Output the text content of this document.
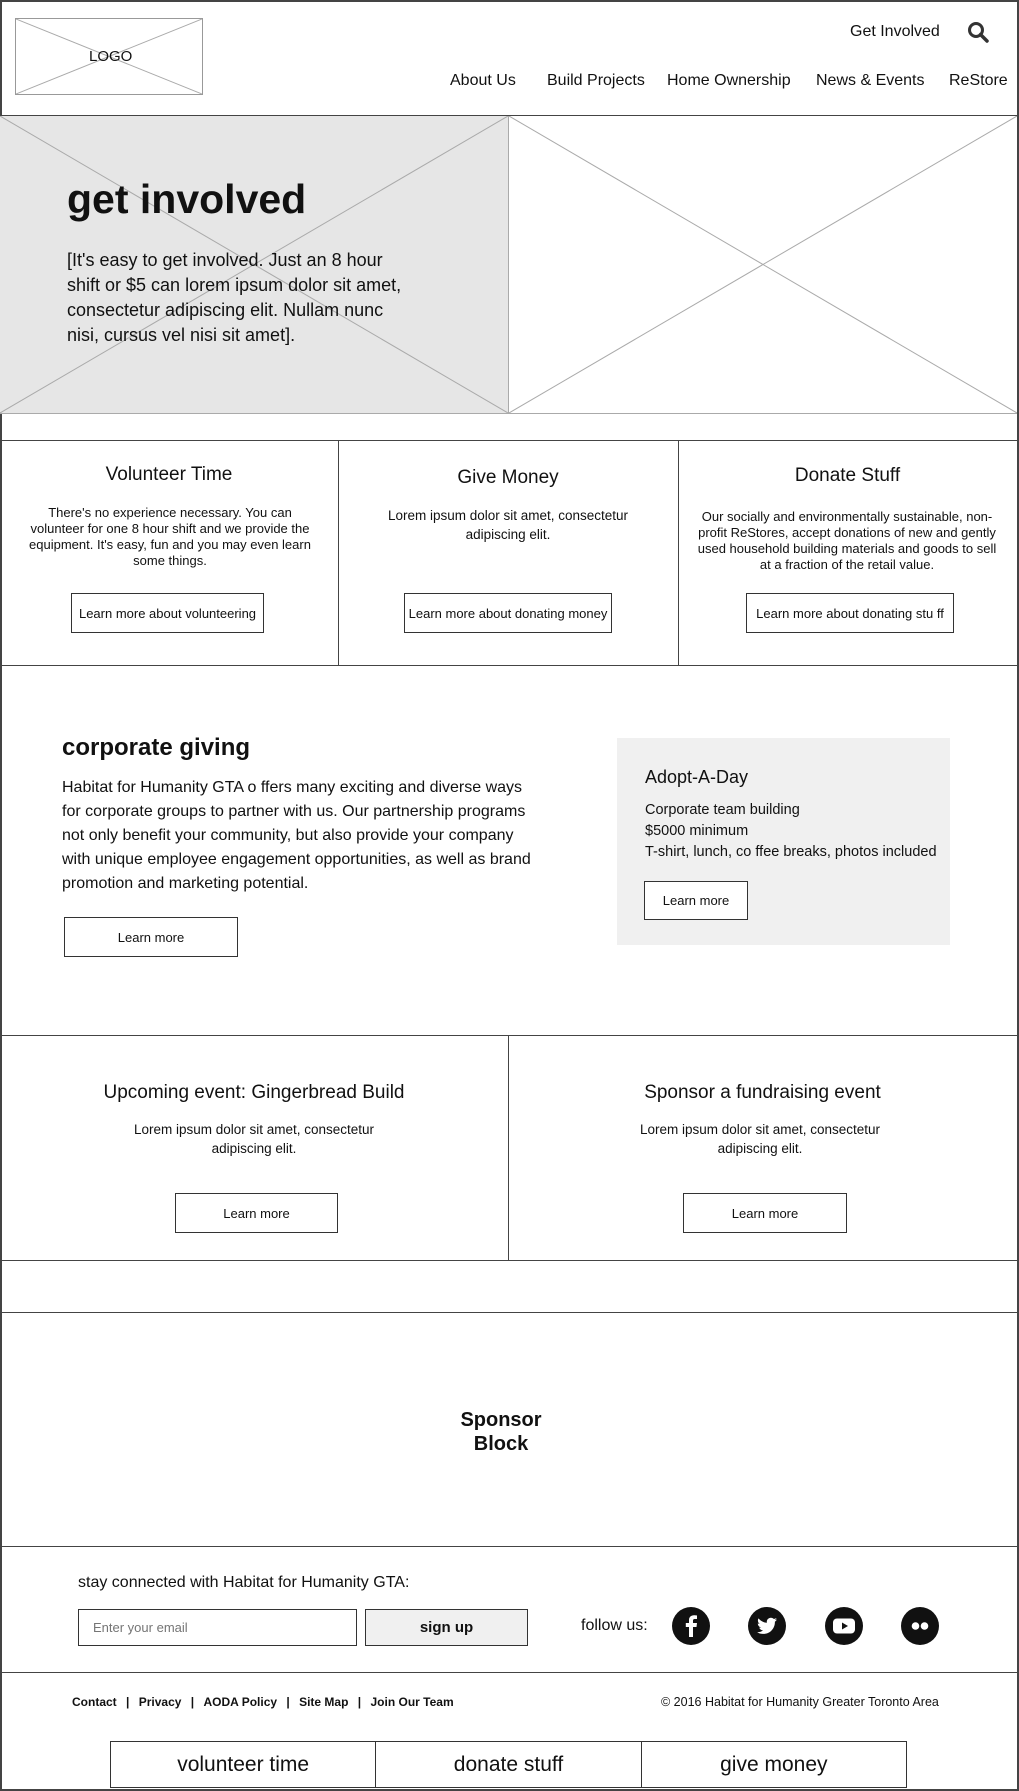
LOGO
Get Involved
About Us Build Projects Home Ownership News & Events ReStore
get involved

[It's easy to get involved. Just an 8 hour shift or $5 can lorem ipsum dolor sit amet, consectetur adipiscing elit. Nullam nunc nisi, cursus vel nisi sit amet].

Volunteer Time
There's no experience necessary. You can volunteer for one 8 hour shift and we provide the equipment. It's easy, fun and you may even learn some things.
Learn more about volunteering
Give Money
Lorem ipsum dolor sit amet, consectetur adipiscing elit.
Learn more about donating money
Donate Stuff
Our socially and environmentally sustainable, non-profit ReStores, accept donations of new and gently used household building materials and goods to sell at a fraction of the retail value.
Learn more about donating stu ff
corporate giving

Habitat for Humanity GTA o ffers many exciting and diverse ways for corporate groups to partner with us. Our partnership programs not only benefit your community, but also provide your company with unique employee engagement opportunities, as well as brand promotion and marketing potential.

Learn more
Adopt-A-Day
Corporate team building
$5000 minimum
T-shirt, lunch, co ffee breaks, photos included
Learn more
Upcoming event: Gingerbread Build
Lorem ipsum dolor sit amet, consectetur adipiscing elit.
Learn more
Sponsor a fundraising event
Lorem ipsum dolor sit amet, consectetur adipiscing elit.
Learn more
Sponsor
Block
stay connected with Habitat for Humanity GTA:
Enter your email
sign up	follow us:
Contact | Privacy | AODA Policy | Site Map | Join Our Team	© 2016 Habitat for Humanity Greater Toronto Area
volunteer time	donate stuff	give money
